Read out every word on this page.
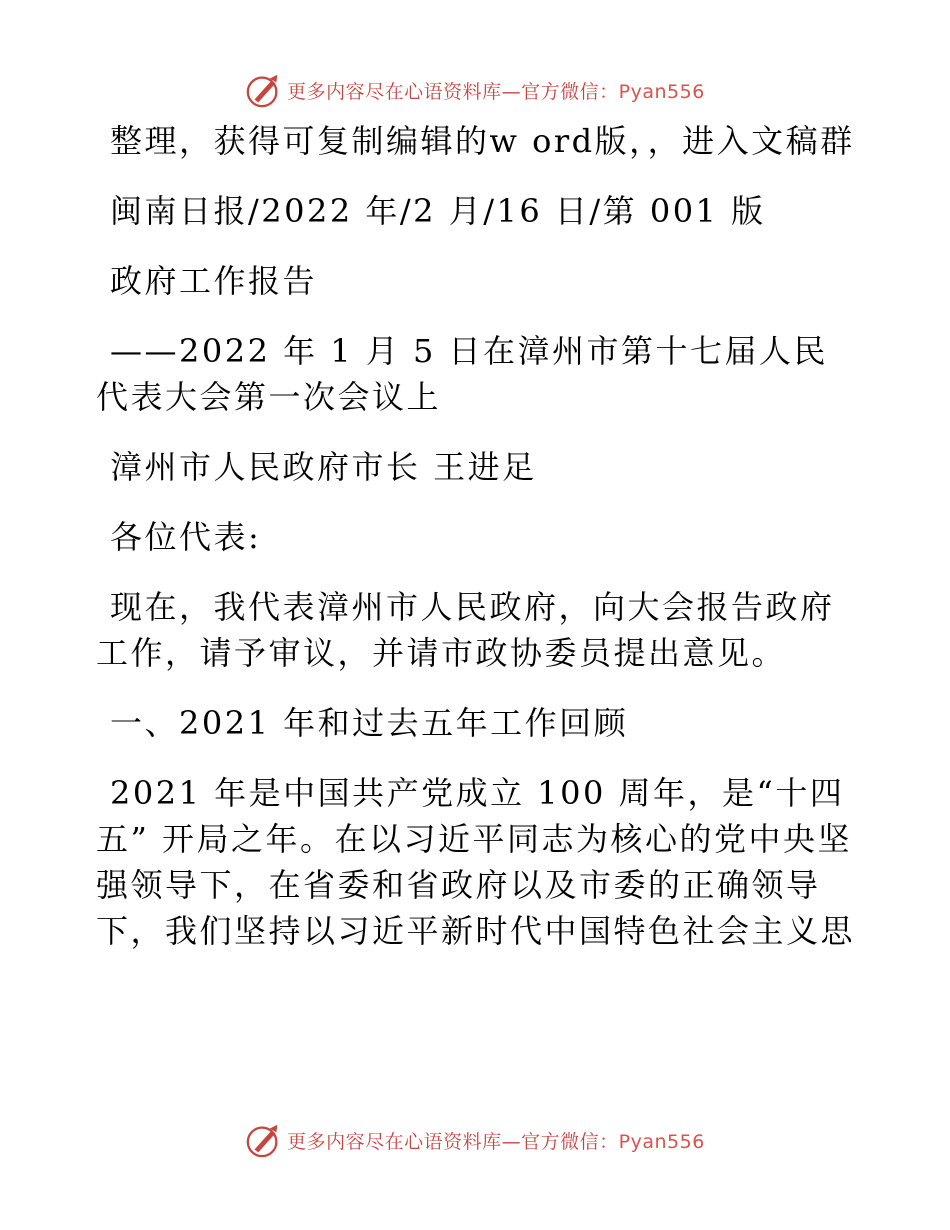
更多内容尽在心语资料库—官方微信：Pyan556

整理，获得可复制编辑的w ord版，，进入文稿群

闽南日报/2022 年/2 月/16 日/第 001 版

政府工作报告

——2022 年 1 月 5 日在漳州市第十七届人民代表大会第一次会议上

漳州市人民政府市长 王进足

各位代表:

现在，我代表漳州市人民政府，向大会报告政府工作，请予审议，并请市政协委员提出意见。

一、2021 年和过去五年工作回顾

2021 年是中国共产党成立 100 周年，是“十四五” 开局之年。在以习近平同志为核心的党中央坚强领导下，在省委和省政府以及市委的正确领导下，我们坚持以习近平新时代中国特色社会主义思

更多内容尽在心语资料库—官方微信：Pyan556
